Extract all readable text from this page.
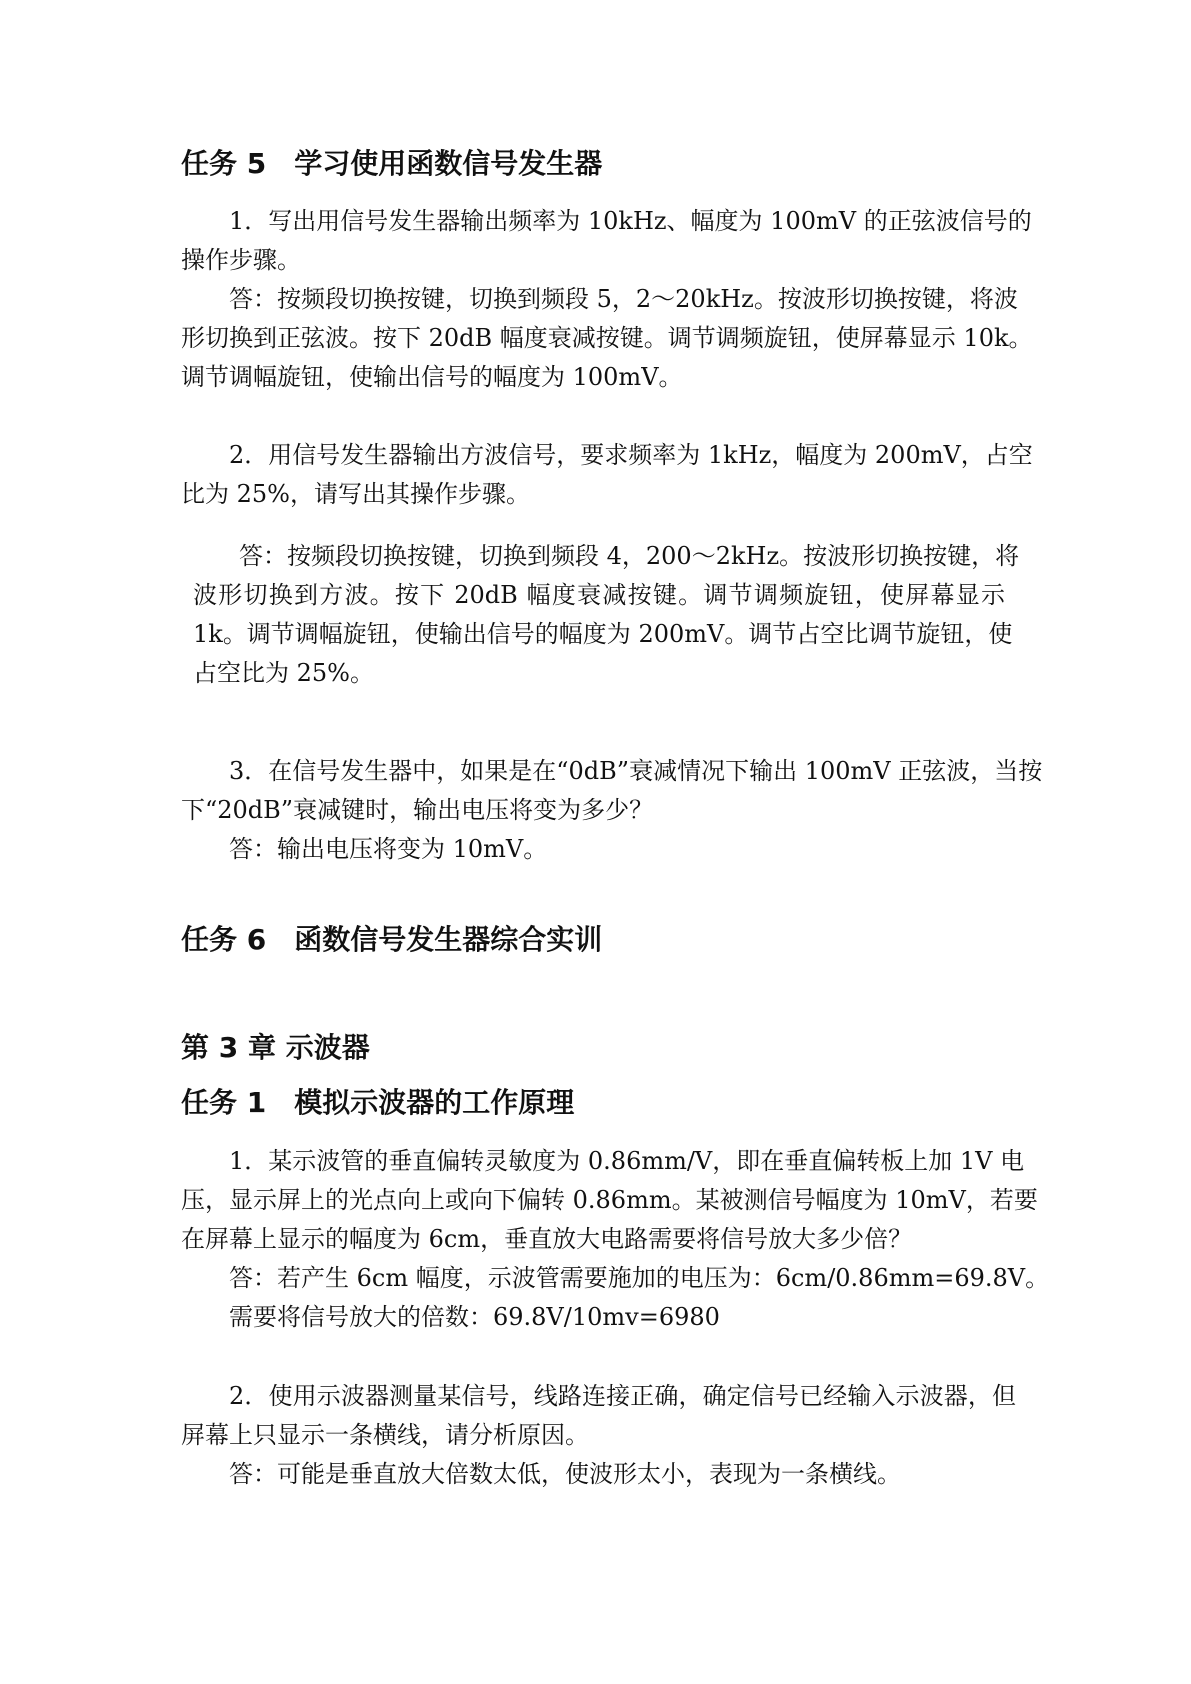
任务 5　学习使用函数信号发生器
1．写出用信号发生器输出频率为 10kHz、幅度为 100mV 的正弦波信号的
操作步骤。
答：按频段切换按键，切换到频段 5，2～20kHz。按波形切换按键，将波
形切换到正弦波。按下 20dB 幅度衰减按键。调节调频旋钮，使屏幕显示 10k。
调节调幅旋钮，使输出信号的幅度为 100mV。
2．用信号发生器输出方波信号，要求频率为 1kHz，幅度为 200mV，占空
比为 25%，请写出其操作步骤。
答：按频段切换按键，切换到频段 4，200～2kHz。按波形切换按键，将
波形切换到方波。按下 20dB 幅度衰减按键。调节调频旋钮，使屏幕显示
1k。调节调幅旋钮，使输出信号的幅度为 200mV。调节占空比调节旋钮，使
占空比为 25%。
3．在信号发生器中，如果是在“0dB”衰减情况下输出 100mV 正弦波，当按
下“20dB”衰减键时，输出电压将变为多少？
答：输出电压将变为 10mV。
任务 6　函数信号发生器综合实训
第 3 章 示波器
任务 1　模拟示波器的工作原理
1．某示波管的垂直偏转灵敏度为 0.86mm/V，即在垂直偏转板上加 1V 电
压，显示屏上的光点向上或向下偏转 0.86mm。某被测信号幅度为 10mV，若要
在屏幕上显示的幅度为 6cm，垂直放大电路需要将信号放大多少倍？
答：若产生 6cm 幅度，示波管需要施加的电压为：6cm/0.86mm=69.8V。
需要将信号放大的倍数：69.8V/10mv=6980
2．使用示波器测量某信号，线路连接正确，确定信号已经输入示波器，但
屏幕上只显示一条横线，请分析原因。
答：可能是垂直放大倍数太低，使波形太小，表现为一条横线。
